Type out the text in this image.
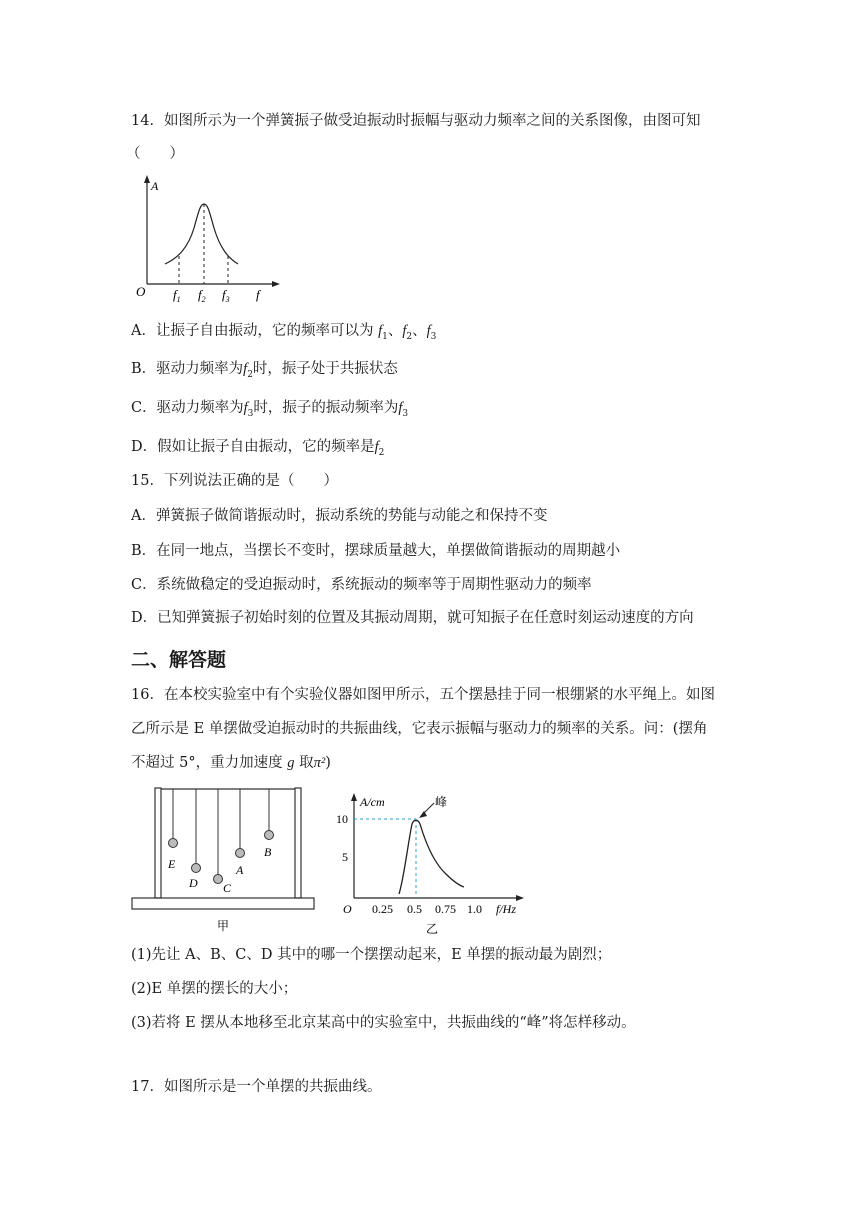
14．如图所示为一个弹簧振子做受迫振动时振幅与驱动力频率之间的关系图像，由图可知
（　　）
A
O	f
$f_1$ $f_2$ $f_3$
A．让振子自由振动，它的频率可以为 $f_1$、$f_2$、$f_3$
B．驱动力频率为$f_2$时，振子处于共振状态
C．驱动力频率为$f_3$时，振子的振动频率为$f_3$
D．假如让振子自由振动，它的频率是$f_2$
15．下列说法正确的是（　　）
A．弹簧振子做简谐振动时，振动系统的势能与动能之和保持不变
B．在同一地点，当摆长不变时，摆球质量越大，单摆做简谐振动的周期越小
C．系统做稳定的受迫振动时，系统振动的频率等于周期性驱动力的频率
D．已知弹簧振子初始时刻的位置及其振动周期，就可知振子在任意时刻运动速度的方向
二、解答题
16．在本校实验室中有个实验仪器如图甲所示，五个摆悬挂于同一根绷紧的水平绳上。如图
乙所示是 E 单摆做受迫振动时的共振曲线，它表示振幅与驱动力的频率的关系。问：(摆角
不超过 5°，重力加速度 g 取π²)
E
D C
A
B
甲
A/cm
f/Hz
O
10
5
0.25 0.5 0.75 1.0
峰
乙
(1)先让 A、B、C、D 其中的哪一个摆摆动起来，E 单摆的振动最为剧烈；
(2)E 单摆的摆长的大小；
(3)若将 E 摆从本地移至北京某高中的实验室中，共振曲线的“峰”将怎样移动。
17．如图所示是一个单摆的共振曲线。
